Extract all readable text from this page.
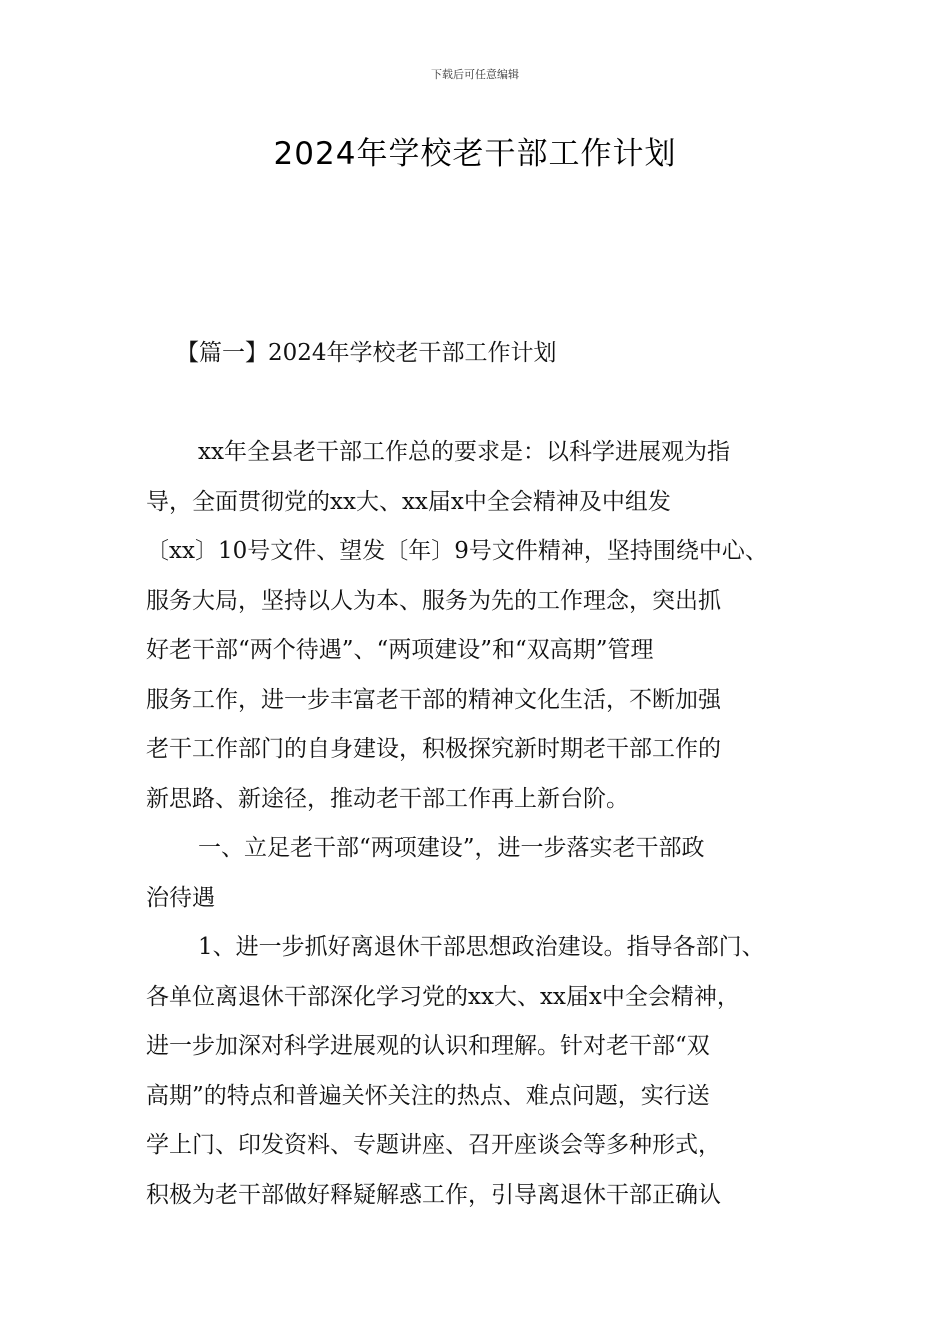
下载后可任意编辑
2024年学校老干部工作计划
【篇一】2024年学校老干部工作计划

xx年全县老干部工作总的要求是：以科学进展观为指
导，全面贯彻党的xx大、xx届x中全会精神及中组发
〔xx〕10号文件、望发〔年〕9号文件精神，坚持围绕中心、
服务大局，坚持以人为本、服务为先的工作理念，突出抓
好老干部“两个待遇”、“两项建设”和“双高期”管理
服务工作，进一步丰富老干部的精神文化生活，不断加强
老干工作部门的自身建设，积极探究新时期老干部工作的
新思路、新途径，推动老干部工作再上新台阶。

一、立足老干部“两项建设”，进一步落实老干部政
治待遇

1、进一步抓好离退休干部思想政治建设。指导各部门、
各单位离退休干部深化学习党的xx大、xx届x中全会精神，
进一步加深对科学进展观的认识和理解。针对老干部“双
高期”的特点和普遍关怀关注的热点、难点问题，实行送
学上门、印发资料、专题讲座、召开座谈会等多种形式，
积极为老干部做好释疑解惑工作，引导离退休干部正确认
